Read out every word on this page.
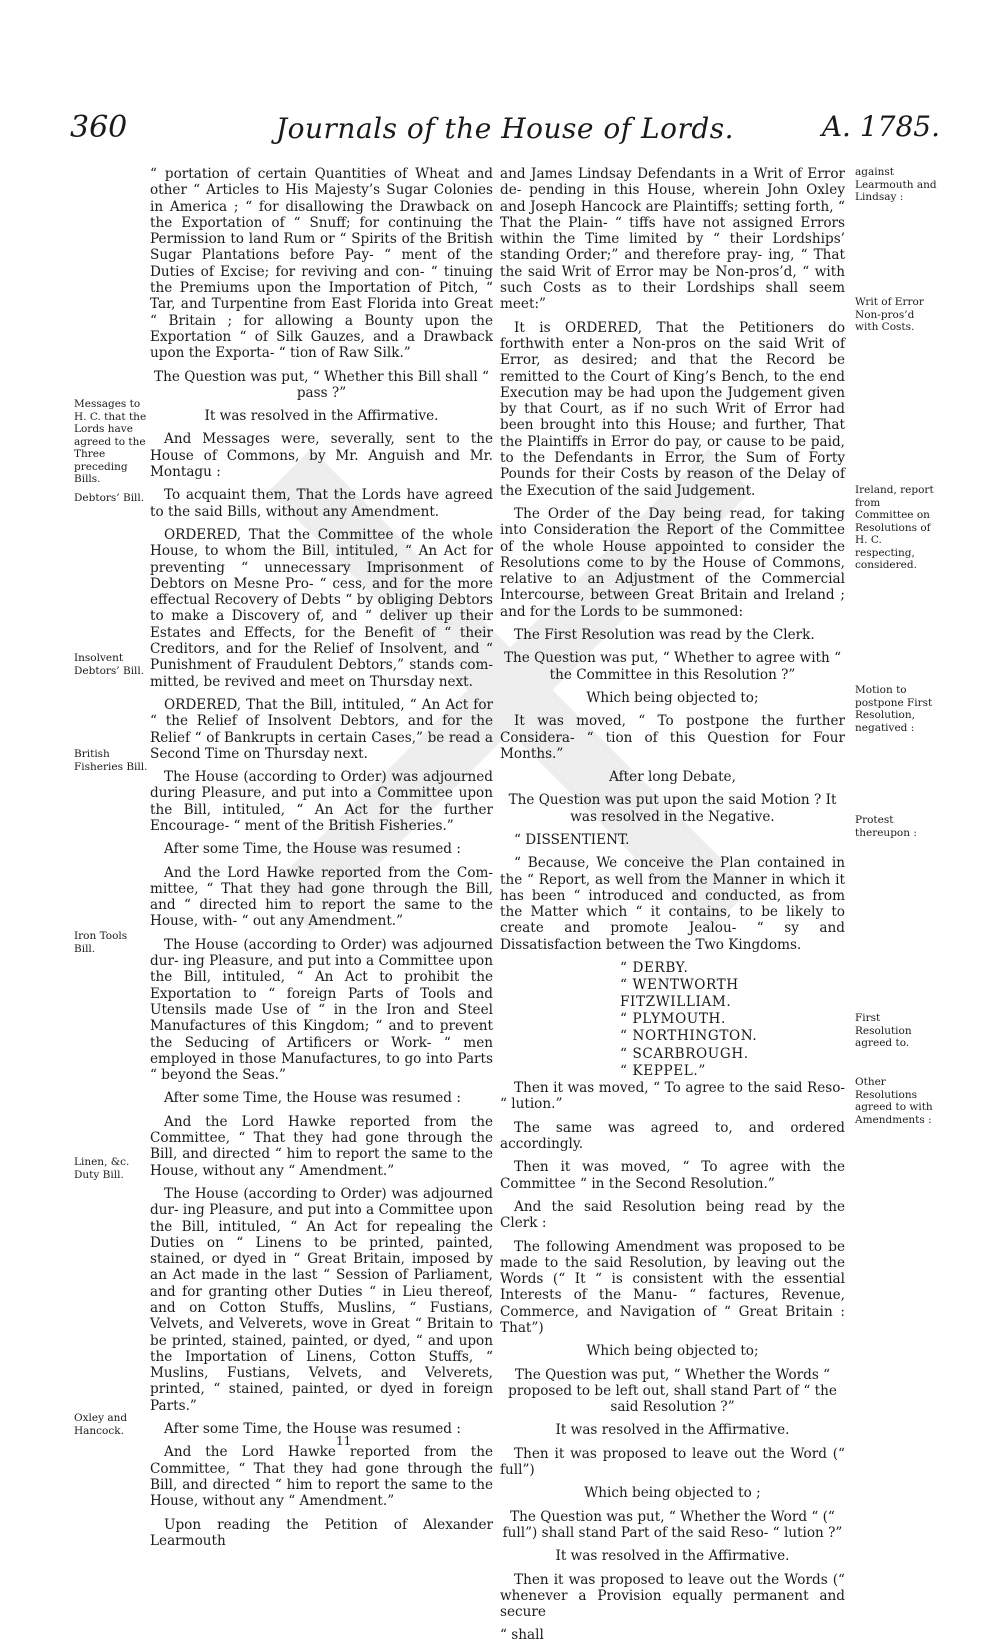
360	Journals of the House of Lords.	A. 1785.

“ portation of certain Quantities of Wheat and other “ Articles to His Majesty’s Sugar Colonies in America ; “ for disallowing the Drawback on the Exportation of “ Snuff; for continuing the Permission to land Rum or “ Spirits of the British Sugar Plantations before Pay- “ ment of the Duties of Excise; for reviving and con- “ tinuing the Premiums upon the Importation of Pitch, “ Tar, and Turpentine from East Florida into Great “ Britain ; for allowing a Bounty upon the Exportation “ of Silk Gauzes, and a Drawback upon the Exporta- “ tion of Raw Silk.”

The Question was put, “ Whether this Bill shall “ pass ?”

It was resolved in the Affirmative.

And Messages were, severally, sent to the House of Commons, by Mr. Anguish and Mr. Montagu :

To acquaint them, That the Lords have agreed to the said Bills, without any Amendment.

ORDERED, That the Committee of the whole House, to whom the Bill, intituled, “ An Act for preventing “ unnecessary Imprisonment of Debtors on Mesne Pro- “ cess, and for the more effectual Recovery of Debts “ by obliging Debtors to make a Discovery of, and “ deliver up their Estates and Effects, for the Benefit of “ their Creditors, and for the Relief of Insolvent, and “ Punishment of Fraudulent Debtors,” stands com- mitted, be revived and meet on Thursday next.

ORDERED, That the Bill, intituled, “ An Act for “ the Relief of Insolvent Debtors, and for the Relief “ of Bankrupts in certain Cases,” be read a Second Time on Thursday next.

The House (according to Order) was adjourned during Pleasure, and put into a Committee upon the Bill, intituled, “ An Act for the further Encourage- “ ment of the British Fisheries.”

After some Time, the House was resumed :

And the Lord Hawke reported from the Com- mittee, “ That they had gone through the Bill, and “ directed him to report the same to the House, with- “ out any Amendment.”

The House (according to Order) was adjourned dur- ing Pleasure, and put into a Committee upon the Bill, intituled, “ An Act to prohibit the Exportation to “ foreign Parts of Tools and Utensils made Use of “ in the Iron and Steel Manufactures of this Kingdom; “ and to prevent the Seducing of Artificers or Work- “ men employed in those Manufactures, to go into Parts “ beyond the Seas.”

After some Time, the House was resumed :

And the Lord Hawke reported from the Committee, “ That they had gone through the Bill, and directed “ him to report the same to the House, without any “ Amendment.”

The House (according to Order) was adjourned dur- ing Pleasure, and put into a Committee upon the Bill, intituled, “ An Act for repealing the Duties on “ Linens to be printed, painted, stained, or dyed in “ Great Britain, imposed by an Act made in the last “ Session of Parliament, and for granting other Duties “ in Lieu thereof, and on Cotton Stuffs, Muslins, “ Fustians, Velvets, and Velverets, wove in Great “ Britain to be printed, stained, painted, or dyed, “ and upon the Importation of Linens, Cotton Stuffs, “ Muslins, Fustians, Velvets, and Velverets, printed, “ stained, painted, or dyed in foreign Parts.”

After some Time, the House was resumed :

And the Lord Hawke reported from the Committee, “ That they had gone through the Bill, and directed “ him to report the same to the House, without any “ Amendment.”

Upon reading the Petition of Alexander Learmouth

and James Lindsay Defendants in a Writ of Error de- pending in this House, wherein John Oxley and Joseph Hancock are Plaintiffs; setting forth, “ That the Plain- “ tiffs have not assigned Errors within the Time limited by “ their Lordships’ standing Order;” and therefore pray- ing, “ That the said Writ of Error may be Non-pros’d, “ with such Costs as to their Lordships shall seem meet:”

It is ORDERED, That the Petitioners do forthwith enter a Non-pros on the said Writ of Error, as desired; and that the Record be remitted to the Court of King’s Bench, to the end Execution may be had upon the Judgement given by that Court, as if no such Writ of Error had been brought into this House; and further, That the Plaintiffs in Error do pay, or cause to be paid, to the Defendants in Error, the Sum of Forty Pounds for their Costs by reason of the Delay of the Execution of the said Judgement.

The Order of the Day being read, for taking into Consideration the Report of the Committee of the whole House appointed to consider the Resolutions come to by the House of Commons, relative to an Adjustment of the Commercial Intercourse, between Great Britain and Ireland ; and for the Lords to be summoned:

The First Resolution was read by the Clerk.

The Question was put, “ Whether to agree with “ the Committee in this Resolution ?”

Which being objected to;

It was moved, “ To postpone the further Considera- “ tion of this Question for Four Months.”

After long Debate,

The Question was put upon the said Motion ? It was resolved in the Negative.

“ DISSENTIENT.

“ Because, We conceive the Plan contained in the “ Report, as well from the Manner in which it has been “ introduced and conducted, as from the Matter which “ it contains, to be likely to create and promote Jealou- “ sy and Dissatisfaction between the Two Kingdoms.

“ DERBY.

“ WENTWORTH FITZWILLIAM.

“ PLYMOUTH.

“ NORTHINGTON.

“ SCARBROUGH.

“ KEPPEL.”

Then it was moved, “ To agree to the said Reso- “ lution.”

The same was agreed to, and ordered accordingly.

Then it was moved, “ To agree with the Committee “ in the Second Resolution.”

And the said Resolution being read by the Clerk :

The following Amendment was proposed to be made to the said Resolution, by leaving out the Words (“ It “ is consistent with the essential Interests of the Manu- “ factures, Revenue, Commerce, and Navigation of “ Great Britain : That”)

Which being objected to;

The Question was put, “ Whether the Words “ proposed to be left out, shall stand Part of “ the said Resolution ?”

It was resolved in the Affirmative.

Then it was proposed to leave out the Word (“ full”)

Which being objected to ;

The Question was put, “ Whether the Word “ (“ full”) shall stand Part of the said Reso- “ lution ?”

It was resolved in the Affirmative.

Then it was proposed to leave out the Words (“ whenever a Provision equally permanent and secure

“ shall

Messages to H. C. that the Lords have agreed to the Three preceding Bills.
Debtors’ Bill.
Insolvent Debtors’ Bill.
British Fisheries Bill.
Iron Tools Bill.
Linen, &c. Duty Bill.
Oxley and Hancock.
against Learmouth and Lindsay :
Writ of Error Non-pros’d with Costs.
Ireland, report from Committee on Resolutions of H. C. respecting, considered.
Motion to postpone First Resolution, negatived :
Protest thereupon :
First Resolution agreed to.
Other Resolutions agreed to with Amendments :
11
